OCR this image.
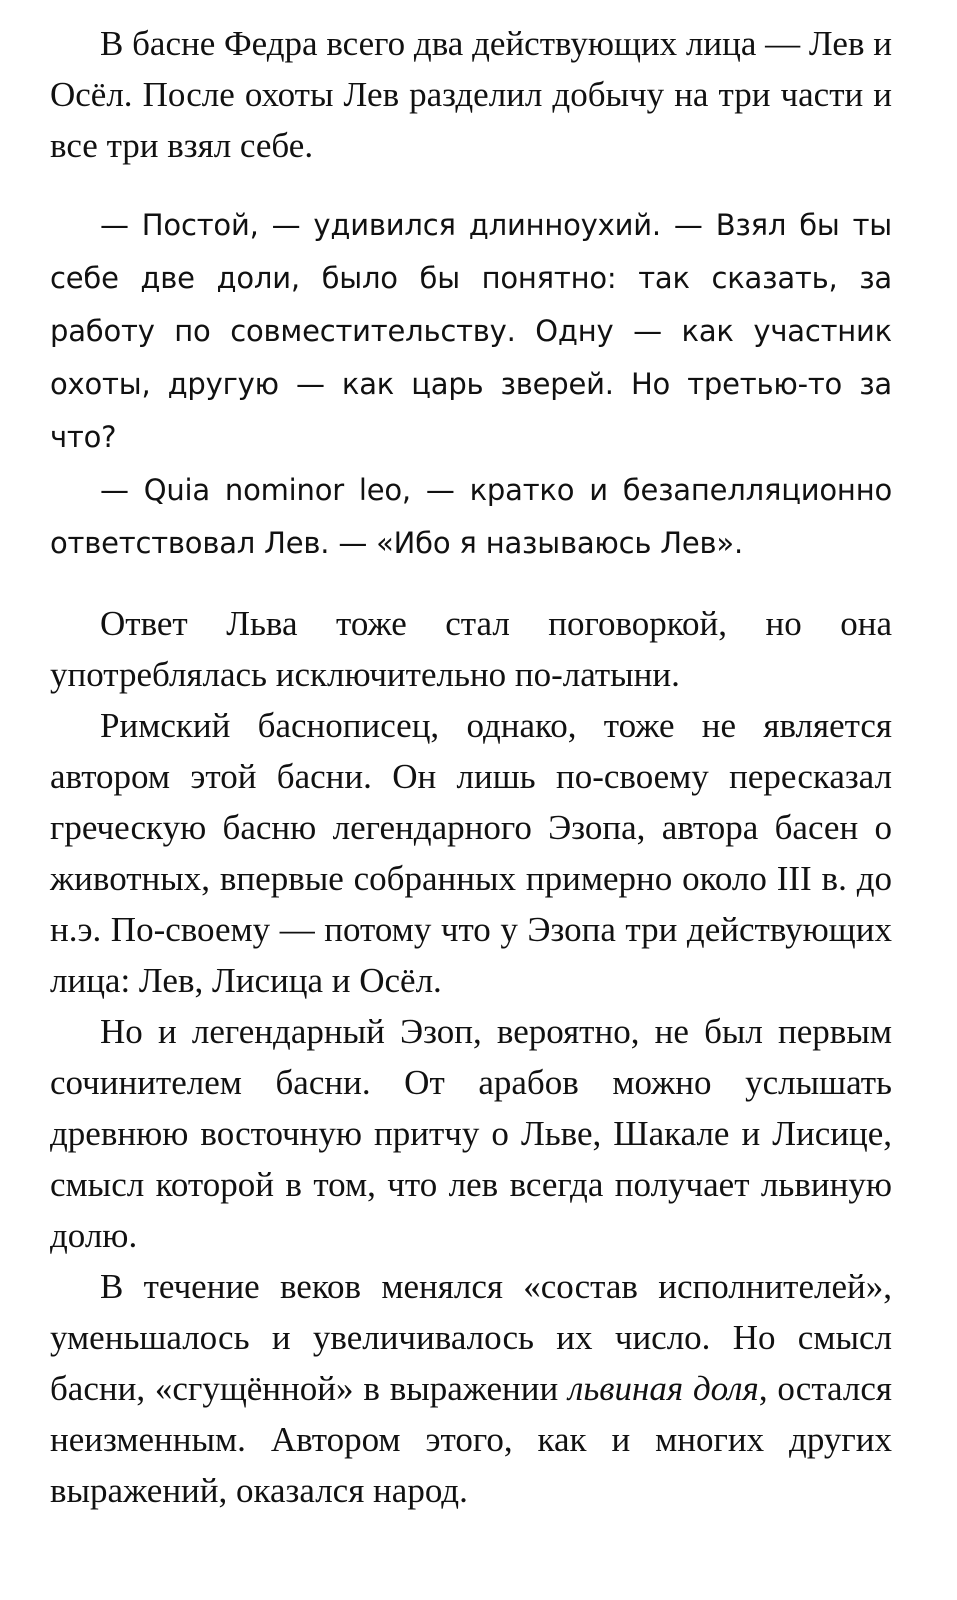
В басне Федра всего два действующих лица — Лев и Осёл. После охоты Лев разделил добычу на три части и все три взял себе.

— Постой, — удивился длинноухий. — Взял бы ты себе две доли, было бы понятно: так сказать, за работу по совместительству. Одну — как участник охоты, другую — как царь зверей. Но третью-то за что?

— Quia nominor leo, — кратко и безапелляционно ответствовал Лев. — «Ибо я называюсь Лев».

Ответ Льва тоже стал поговоркой, но она употреблялась исключительно по-латыни.

Римский баснописец, однако, тоже не является автором этой басни. Он лишь по-своему пересказал греческую басню легендарного Эзопа, автора басен о животных, впервые собранных примерно около III в. до н.э. По-своему — потому что у Эзопа три действующих лица: Лев, Лисица и Осёл.

Но и легендарный Эзоп, вероятно, не был первым сочинителем басни. От арабов можно услышать древнюю восточную притчу о Льве, Шакале и Лисице, смысл которой в том, что лев всегда получает львиную долю.

В течение веков менялся «состав исполнителей», уменьшалось и увеличивалось их число. Но смысл басни, «сгущённой» в выражении львиная доля, остался неизменным. Автором этого, как и многих других выражений, оказался народ.
